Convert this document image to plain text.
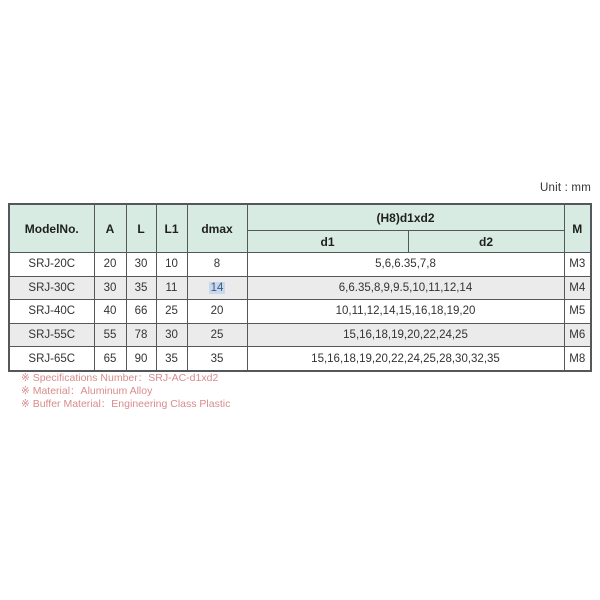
Unit : mm
ModelNo.	A	L	L1	dmax	(H8)d1xd2		M
					d1	d2	
SRJ-20C	20	30	10	8	5,6,6.35,7,8		M3
SRJ-30C	30	35	11	14	6,6.35,8,9,9.5,10,11,12,14		M4
SRJ-40C	40	66	25	20	10,11,12,14,15,16,18,19,20		M5
SRJ-55C	55	78	30	25	15,16,18,19,20,22,24,25		M6
SRJ-65C	65	90	35	35	15,16,18,19,20,22,24,25,28,30,32,35		M8
※ Specifications Number：SRJ-AC-d1xd2
※ Material：Aluminum Alloy
※ Buffer Material：Engineering Class Plastic
